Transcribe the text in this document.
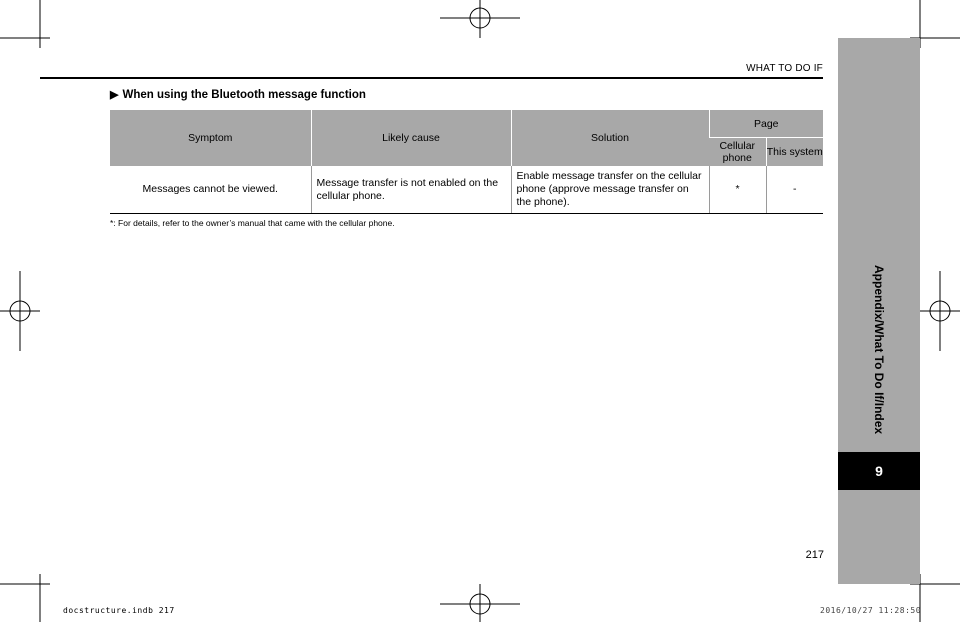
WHAT TO DO IF
▶ When using the Bluetooth message function
Symptom	Likely cause	Solution	Page	
			Cellular phone	This system
Messages cannot be viewed.	Message transfer is not enabled on the cellular phone.	Enable message transfer on the cellular phone (approve message transfer on the phone).	*	-
*: For details, refer to the owner’s manual that came with the cellular phone.
Appendix/What To Do If/Index
9
217
docstructure.indb 217	2016/10/27 11:28:50
